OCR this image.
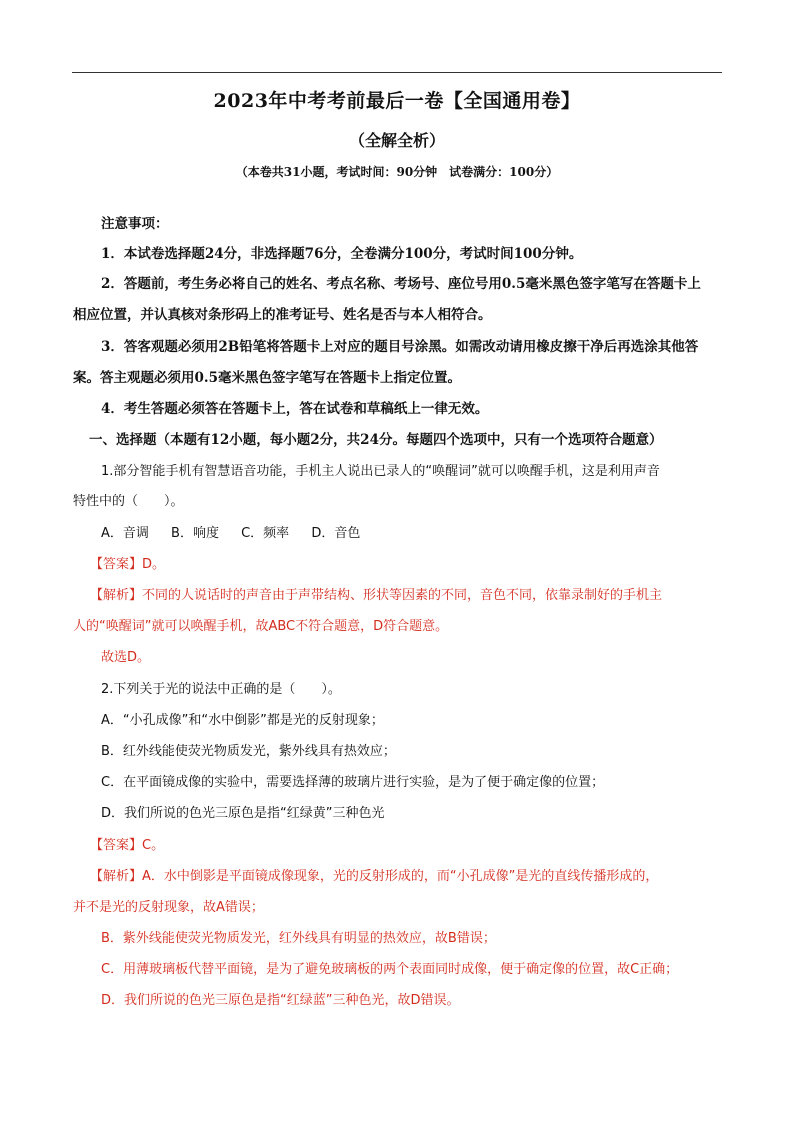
2023年中考考前最后一卷【全国通用卷】
（全解全析）
（本卷共31小题，考试时间：90分钟　试卷满分：100分）
注意事项：
1．本试卷选择题24分，非选择题76分，全卷满分100分，考试时间100分钟。
2．答题前，考生务必将自己的姓名、考点名称、考场号、座位号用0.5毫米黑色签字笔写在答题卡上
相应位置，并认真核对条形码上的准考证号、姓名是否与本人相符合。
3．答客观题必须用2B铅笔将答题卡上对应的题目号涂黑。如需改动请用橡皮擦干净后再选涂其他答
案。答主观题必须用0.5毫米黑色签字笔写在答题卡上指定位置。
4．考生答题必须答在答题卡上，答在试卷和草稿纸上一律无效。
一、选择题（本题有12小题，每小题2分，共24分。每题四个选项中，只有一个选项符合题意）
1.部分智能手机有智慧语音功能，手机主人说出已录人的“唤醒词”就可以唤醒手机，这是利用声音
特性中的（　　）。
A．音调 B．响度 C．频率 D．音色
【答案】D。
【解析】不同的人说话时的声音由于声带结构、形状等因素的不同，音色不同，依靠录制好的手机主
人的“唤醒词”就可以唤醒手机，故ABC不符合题意，D符合题意。
故选D。
2.下列关于光的说法中正确的是（　　）。
A．“小孔成像”和“水中倒影”都是光的反射现象；
B．红外线能使荧光物质发光，紫外线具有热效应；
C．在平面镜成像的实验中，需要选择薄的玻璃片进行实验，是为了便于确定像的位置；
D．我们所说的色光三原色是指“红绿黄”三种色光
【答案】C。
【解析】A．水中倒影是平面镜成像现象，光的反射形成的，而“小孔成像”是光的直线传播形成的，
并不是光的反射现象，故A错误；
B．紫外线能使荧光物质发光，红外线具有明显的热效应，故B错误；
C．用薄玻璃板代替平面镜，是为了避免玻璃板的两个表面同时成像，便于确定像的位置，故C正确；
D．我们所说的色光三原色是指“红绿蓝”三种色光，故D错误。
